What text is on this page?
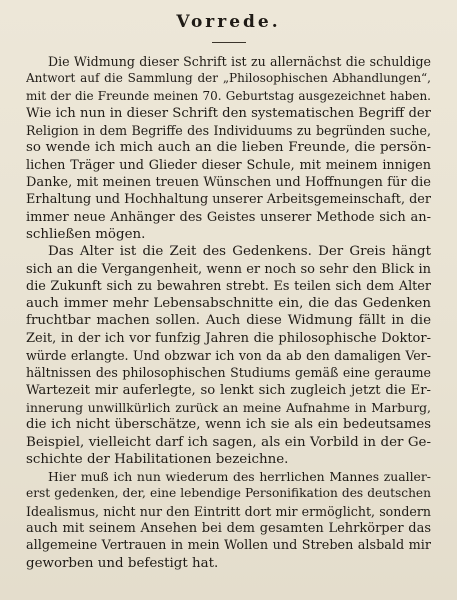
Vorrede.

Die Widmung dieser Schrift ist zu allernächst die schuldige
Antwort auf die Sammlung der „Philosophischen Abhandlungen“,
mit der die Freunde meinen 70. Geburtstag ausgezeichnet haben.
Wie ich nun in dieser Schrift den systematischen Begriff der
Religion in dem Begriffe des Individuums zu begründen suche,
so wende ich mich auch an die lieben Freunde, die persön-
lichen Träger und Glieder dieser Schule, mit meinem innigen
Danke, mit meinen treuen Wünschen und Hoffnungen für die
Erhaltung und Hochhaltung unserer Arbeitsgemeinschaft, der
immer neue Anhänger des Geistes unserer Methode sich an-
schließen mögen.

Das Alter ist die Zeit des Gedenkens. Der Greis hängt
sich an die Vergangenheit, wenn er noch so sehr den Blick in
die Zukunft sich zu bewahren strebt. Es teilen sich dem Alter
auch immer mehr Lebensabschnitte ein, die das Gedenken
fruchtbar machen sollen. Auch diese Widmung fällt in die
Zeit, in der ich vor funfzig Jahren die philosophische Doktor-
würde erlangte. Und obzwar ich von da ab den damaligen Ver-
hältnissen des philosophischen Studiums gemäß eine geraume
Wartezeit mir auferlegte, so lenkt sich zugleich jetzt die Er-
innerung unwillkürlich zurück an meine Aufnahme in Marburg,
die ich nicht überschätze, wenn ich sie als ein bedeutsames
Beispiel, vielleicht darf ich sagen, als ein Vorbild in der Ge-
schichte der Habilitationen bezeichne.

Hier muß ich nun wiederum des herrlichen Mannes zualler-
erst gedenken, der, eine lebendige Personifikation des deutschen
Idealismus, nicht nur den Eintritt dort mir ermöglicht, sondern
auch mit seinem Ansehen bei dem gesamten Lehrkörper das
allgemeine Vertrauen in mein Wollen und Streben alsbald mir
geworben und befestigt hat.
